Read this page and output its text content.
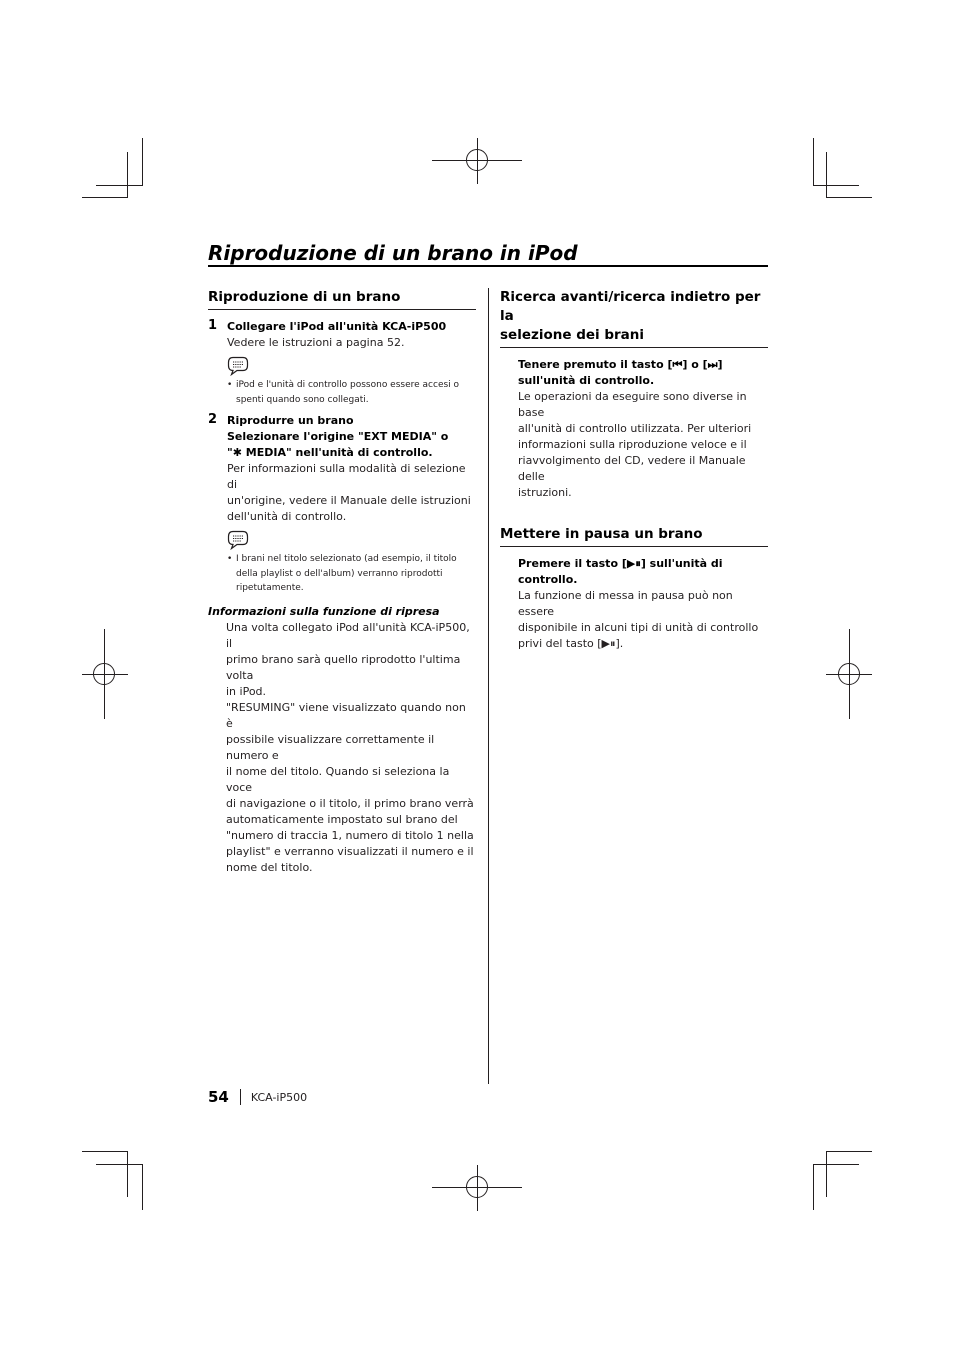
Riproduzione di un brano in iPod
Riproduzione di un brano
1 Collegare l'iPod all'unità KCA-iP500
Vedere le istruzioni a pagina 52.
• iPod e l'unità di controllo possono essere accesi o
spenti quando sono collegati.
2 Riprodurre un brano
Selezionare l'origine "EXT MEDIA" o
"✱ MEDIA" nell'unità di controllo.
Per informazioni sulla modalità di selezione di
un'origine, vedere il Manuale delle istruzioni
dell'unità di controllo.
• I brani nel titolo selezionato (ad esempio, il titolo
della playlist o dell'album) verranno riprodotti
ripetutamente.
Informazioni sulla funzione di ripresa
Una volta collegato iPod all'unità KCA-iP500, il
primo brano sarà quello riprodotto l'ultima volta
in iPod.
"RESUMING" viene visualizzato quando non è
possibile visualizzare correttamente il numero e
il nome del titolo. Quando si seleziona la voce
di navigazione o il titolo, il primo brano verrà
automaticamente impostato sul brano del
"numero di traccia 1, numero di titolo 1 nella
playlist" e verranno visualizzati il numero e il
nome del titolo.
Ricerca avanti/ricerca indietro per la
selezione dei brani
Tenere premuto il tasto [⏮] o [⏭]
sull'unità di controllo.
Le operazioni da eseguire sono diverse in base
all'unità di controllo utilizzata. Per ulteriori
informazioni sulla riproduzione veloce e il
riavvolgimento del CD, vedere il Manuale delle
istruzioni.
Mettere in pausa un brano
Premere il tasto [▶⏸] sull'unità di controllo.
La funzione di messa in pausa può non essere
disponibile in alcuni tipi di unità di controllo
privi del tasto [▶⏸].
54 KCA-iP500
